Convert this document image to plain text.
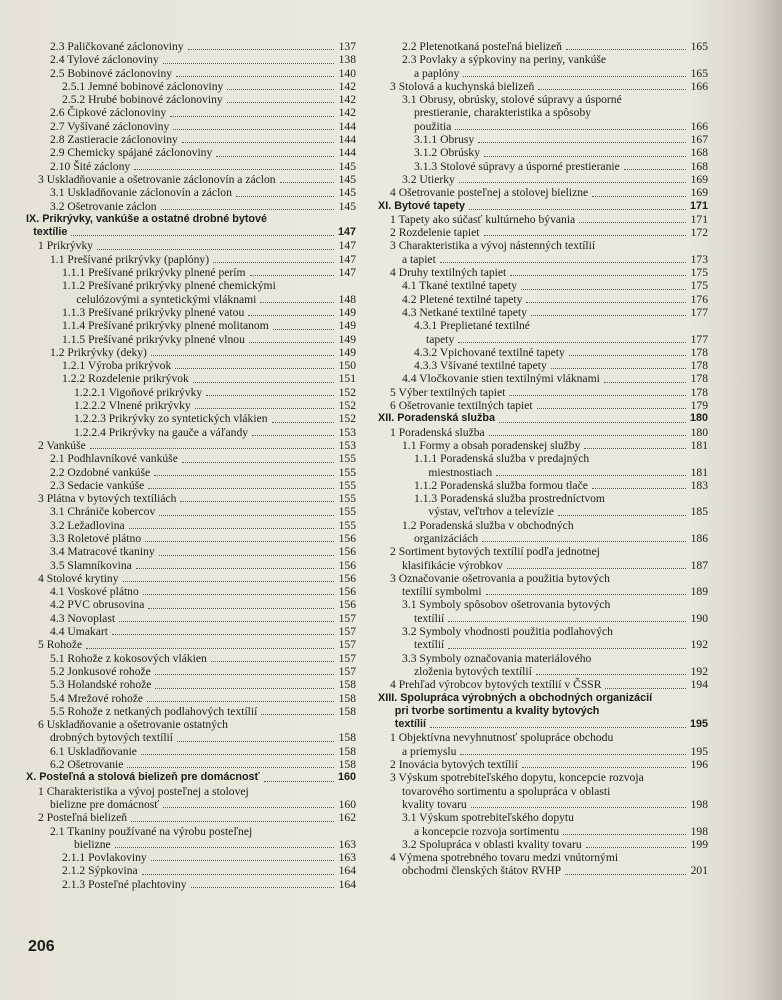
2.3 Paličkované záclonoviny	137
2.4 Tylové záclonoviny	138
2.5 Bobinové záclonoviny	140
2.5.1 Jemné bobinové záclonoviny	142
2.5.2 Hrubé bobinové záclonoviny	142
2.6 Čipkové záclonoviny	142
2.7 Vyšívané záclonoviny	144
2.8 Zastieracie záclonoviny	144
2.9 Chemicky spájané záclonoviny	144
2.10 Šité záclony	145
3 Uskladňovanie a ošetrovanie záclonovín a záclon	145
3.1 Uskladňovanie záclonovín a záclon	145
3.2 Ošetrovanie záclon	145
IX. Prikrývky, vankúše a ostatné drobné bytové
textílie	147
1 Prikrývky	147
1.1 Prešívané prikrývky (paplóny)	147
1.1.1 Prešívané prikrývky plnené perím	147
1.1.2 Prešívané prikrývky plnené chemickými
celulózovými a syntetickými vláknami	148
1.1.3 Prešívané prikrývky plnené vatou	149
1.1.4 Prešívané prikrývky plnené molitanom	149
1.1.5 Prešívané prikrývky plnené vlnou	149
1.2 Prikrývky (deky)	149
1.2.1 Výroba prikrývok	150
1.2.2 Rozdelenie prikrývok	151
1.2.2.1 Vigoňové prikrývky	152
1.2.2.2 Vlnené prikrývky	152
1.2.2.3 Prikrývky zo syntetických vlákien	152
1.2.2.4 Prikrývky na gauče a váľandy	153
2 Vankúše	153
2.1 Podhlavníkové vankúše	155
2.2 Ozdobné vankúše	155
2.3 Sedacie vankúše	155
3 Plátna v bytových textíliách	155
3.1 Chrániče kobercov	155
3.2 Ležadlovina	155
3.3 Roletové plátno	156
3.4 Matracové tkaniny	156
3.5 Slamníkovina	156
4 Stolové krytiny	156
4.1 Voskové plátno	156
4.2 PVC obrusovina	156
4.3 Novoplast	157
4.4 Umakart	157
5 Rohože	157
5.1 Rohože z kokosových vlákien	157
5.2 Jonkusové rohože	157
5.3 Holandské rohože	158
5.4 Mrežové rohože	158
5.5 Rohože z netkaných podlahových textílií	158
6 Uskladňovanie a ošetrovanie ostatných
drobných bytových textílií	158
6.1 Uskladňovanie	158
6.2 Ošetrovanie	158
X. Posteľná a stolová bielizeň pre domácnosť	160
1 Charakteristika a vývoj posteľnej a stolovej
bielizne pre domácnosť	160
2 Posteľná bielizeň	162
2.1 Tkaniny používané na výrobu posteľnej
bielizne	163
2.1.1 Povlakoviny	163
2.1.2 Sýpkovina	164
2.1.3 Posteľné plachtoviny	164
2.2 Pletenotkaná posteľná bielizeň	165
2.3 Povlaky a sýpkoviny na periny, vankúše
a paplóny	165
3 Stolová a kuchynská bielizeň	166
3.1 Obrusy, obrúsky, stolové súpravy a úsporné
prestieranie, charakteristika a spôsoby
použitia	166
3.1.1 Obrusy	167
3.1.2 Obrúsky	168
3.1.3 Stolové súpravy a úsporné prestieranie	168
3.2 Utierky	169
4 Ošetrovanie posteľnej a stolovej bielizne	169
XI. Bytové tapety	171
1 Tapety ako súčasť kultúrneho bývania	171
2 Rozdelenie tapiet	172
3 Charakteristika a vývoj nástenných textílií
a tapiet	173
4 Druhy textilných tapiet	175
4.1 Tkané textilné tapety	175
4.2 Pletené textilné tapety	176
4.3 Netkané textilné tapety	177
4.3.1 Preplietané textilné
tapety	177
4.3.2 Vpichované textilné tapety	178
4.3.3 Všívané textilné tapety	178
4.4 Vločkovanie stien textilnými vláknami	178
5 Výber textilných tapiet	178
6 Ošetrovanie textilných tapiet	179
XII. Poradenská služba	180
1 Poradenská služba	180
1.1 Formy a obsah poradenskej služby	181
1.1.1 Poradenská služba v predajných
miestnostiach	181
1.1.2 Poradenská služba formou tlače	183
1.1.3 Poradenská služba prostredníctvom
výstav, veľtrhov a televízie	185
1.2 Poradenská služba v obchodných
organizáciách	186
2 Sortiment bytových textílií podľa jednotnej
klasifikácie výrobkov	187
3 Označovanie ošetrovania a použitia bytových
textílií symbolmi	189
3.1 Symboly spôsobov ošetrovania bytových
textílií	190
3.2 Symboly vhodnosti použitia podlahových
textílií	192
3.3 Symboly označovania materiálového
zloženia bytových textílií	192
4 Prehľad výrobcov bytových textílií v ČSSR	194
XIII. Spolupráca výrobných a obchodných organizácií
pri tvorbe sortimentu a kvality bytových
textílií	195
1 Objektívna nevyhnutnosť spolupráce obchodu
a priemyslu	195
2 Inovácia bytových textílií	196
3 Výskum spotrebiteľského dopytu, koncepcie rozvoja
tovarového sortimentu a spolupráca v oblasti
kvality tovaru	198
3.1 Výskum spotrebiteľského dopytu
a koncepcie rozvoja sortimentu	198
3.2 Spolupráca v oblasti kvality tovaru	199
4 Výmena spotrebného tovaru medzi vnútornými
obchodmi členských štátov RVHP	201
206
